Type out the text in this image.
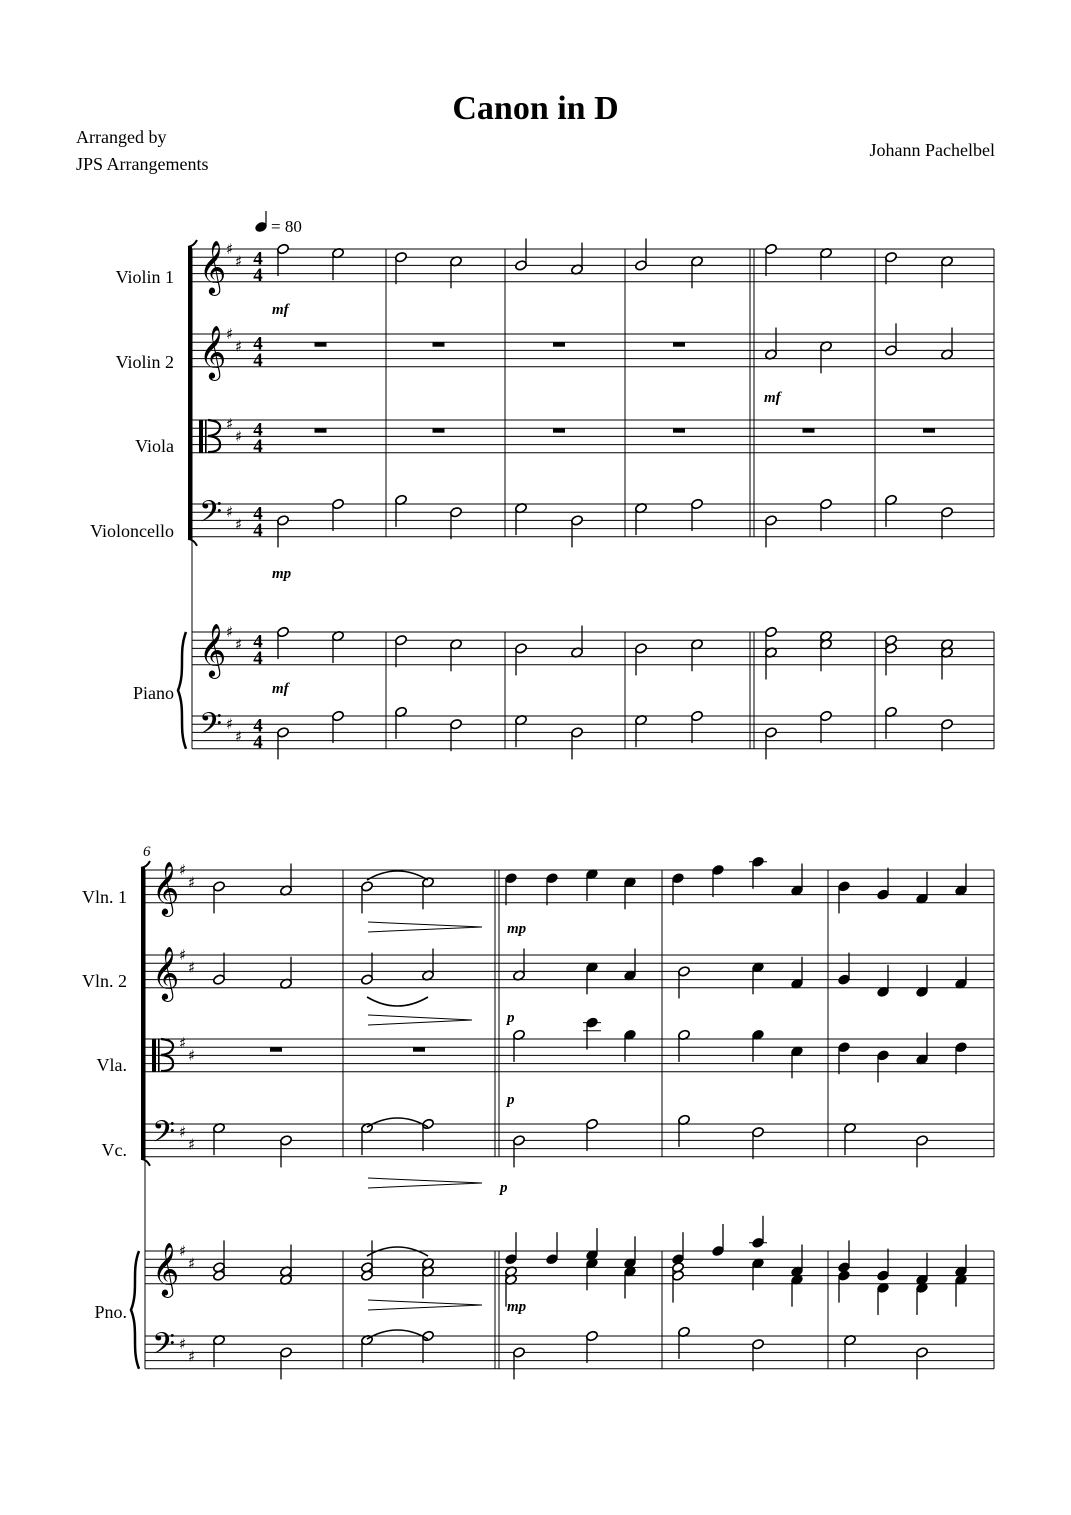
Canon in D
Arranged by
JPS Arrangements
Johann Pachelbel
𝄞 ♯
♯ 4
4
𝄞 ♯
♯ 4
4
♯
♯ 4
4
𝄢 ♯
♯
4
4
𝄞 ♯
♯ 4
4
𝄢 ♯
♯
4
4
= 80
Violin 1
Violin 2
Viola
Violoncello
Piano
mf
mf
mp
mf
𝄞 ♯
♯
𝄞 ♯
♯
♯
♯
𝄢 ♯
♯
𝄞 ♯
♯
𝄢 ♯
♯
6
Vln. 1
Vln. 2
Vla.
Vc.
Pno.
mp
p
p
p
mp
